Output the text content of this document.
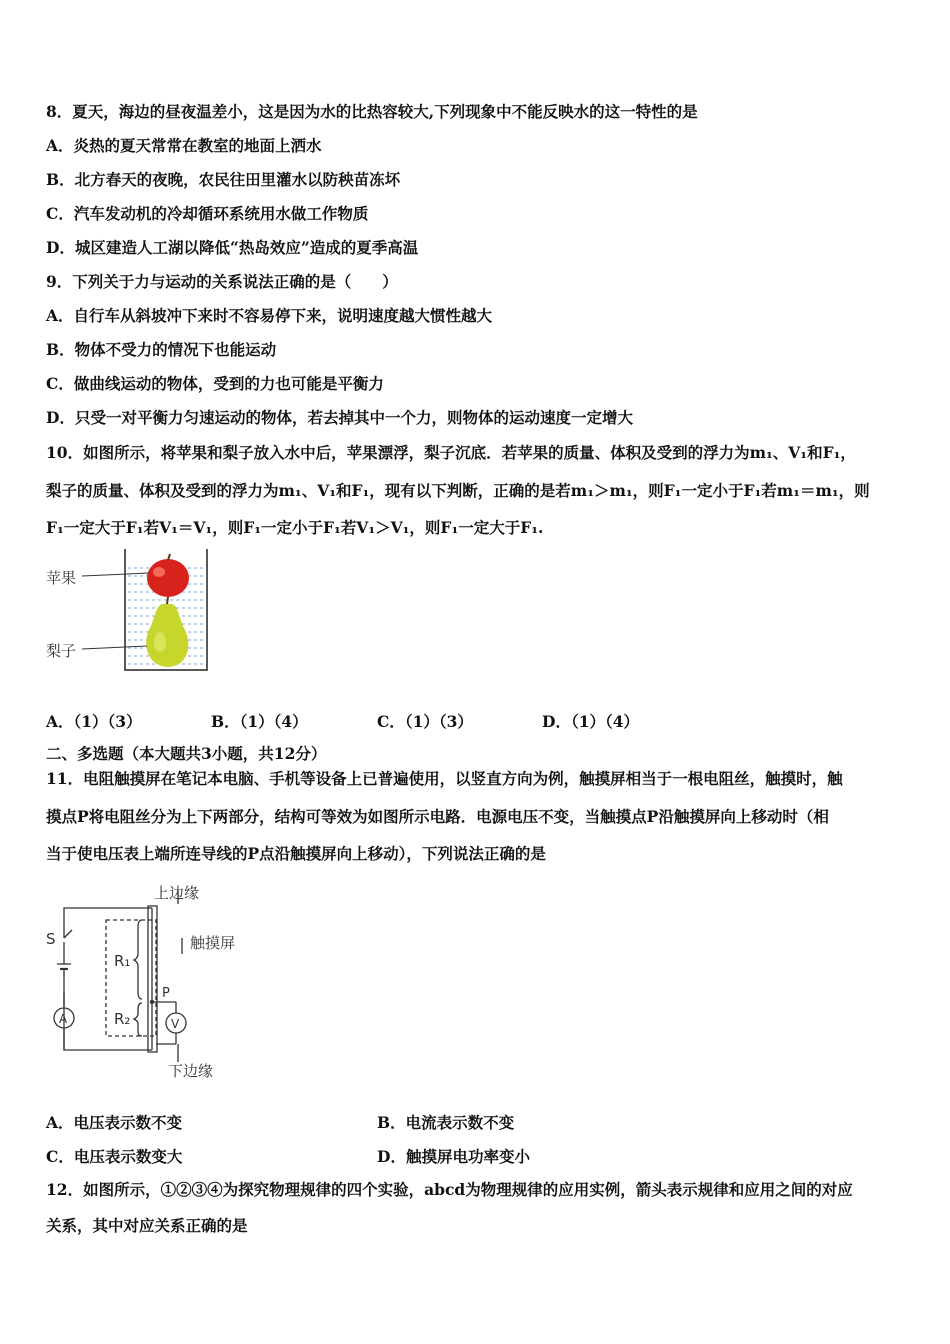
8．夏天，海边的昼夜温差小，这是因为水的比热容较大,下列现象中不能反映水的这一特性的是
A．炎热的夏天常常在教室的地面上洒水
B．北方春天的夜晚，农民往田里灌水以防秧苗冻坏
C．汽车发动机的冷却循环系统用水做工作物质
D．城区建造人工湖以降低“热岛效应”造成的夏季高温
9．下列关于力与运动的关系说法正确的是（　　）
A．自行车从斜坡冲下来时不容易停下来，说明速度越大惯性越大
B．物体不受力的情况下也能运动
C．做曲线运动的物体，受到的力也可能是平衡力
D．只受一对平衡力匀速运动的物体，若去掉其中一个力，则物体的运动速度一定增大
10．如图所示，将苹果和梨子放入水中后，苹果漂浮，梨子沉底．若苹果的质量、体积及受到的浮力为m₁、V₁和F₁，
梨子的质量、体积及受到的浮力为m₁、V₁和F₁，现有以下判断，正确的是若m₁＞m₁，则F₁一定小于F₁若m₁＝m₁，则
F₁一定大于F₁若V₁＝V₁，则F₁一定小于F₁若V₁＞V₁，则F₁一定大于F₁.
苹果
梨子
A．（1）（3）	B．（1）（4）	C．（1）（3）	D．（1）（4）
二、多选题（本大题共3小题，共12分）
11．电阻触摸屏在笔记本电脑、手机等设备上已普遍使用，以竖直方向为例，触摸屏相当于一根电阻丝，触摸时，触
摸点P将电阻丝分为上下两部分，结构可等效为如图所示电路．电源电压不变，当触摸点P沿触摸屏向上移动时（相
当于使电压表上端所连导线的P点沿触摸屏向上移动），下列说法正确的是
上边缘
触摸屏
下边缘
S
R₁
R₂
P
A	V
A．电压表示数不变	B．电流表示数不变
C．电压表示数变大	D．触摸屏电功率变小
12．如图所示，①②③④为探究物理规律的四个实验，abcd为物理规律的应用实例，箭头表示规律和应用之间的对应
关系，其中对应关系正确的是
